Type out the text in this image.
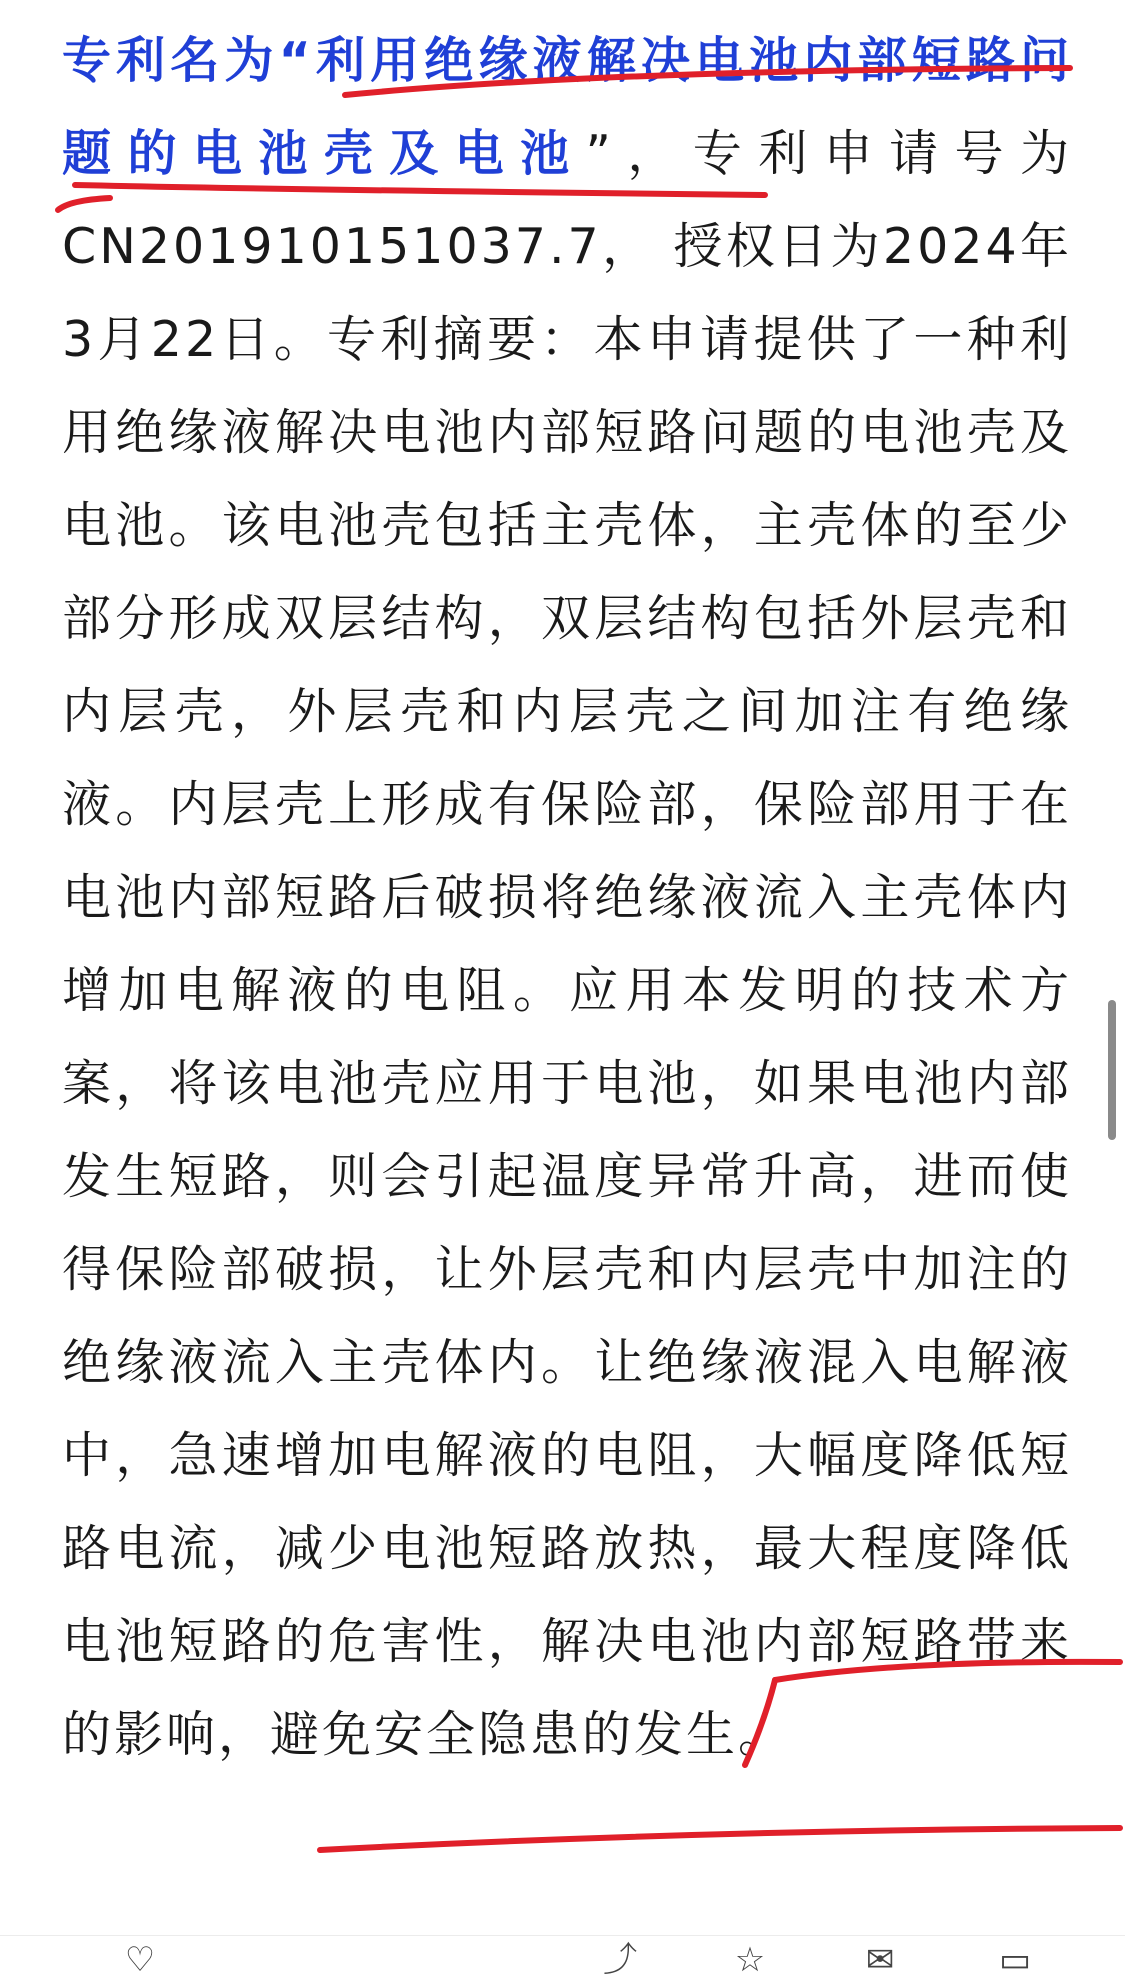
专利名为“利用绝缘液解决电池内部短路问题的电池壳及电池”，专利申请号为CN201910151037.7， 授权日为2024年3月22日。专利摘要：本申请提供了一种利用绝缘液解决电池内部短路问题的电池壳及电池。该电池壳包括主壳体，主壳体的至少部分形成双层结构，双层结构包括外层壳和内层壳，外层壳和内层壳之间加注有绝缘液。内层壳上形成有保险部，保险部用于在电池内部短路后破损将绝缘液流入主壳体内增加电解液的电阻。应用本发明的技术方案，将该电池壳应用于电池，如果电池内部发生短路，则会引起温度异常升高，进而使得保险部破损，让外层壳和内层壳中加注的绝缘液流入主壳体内。让绝缘液混入电解液中，急速增加电解液的电阻，大幅度降低短路电流，减少电池短路放热，最大程度降低电池短路的危害性，解决电池内部短路带来的影响，避免安全隐患的发生。
♡	⤴	☆	✉	▭
